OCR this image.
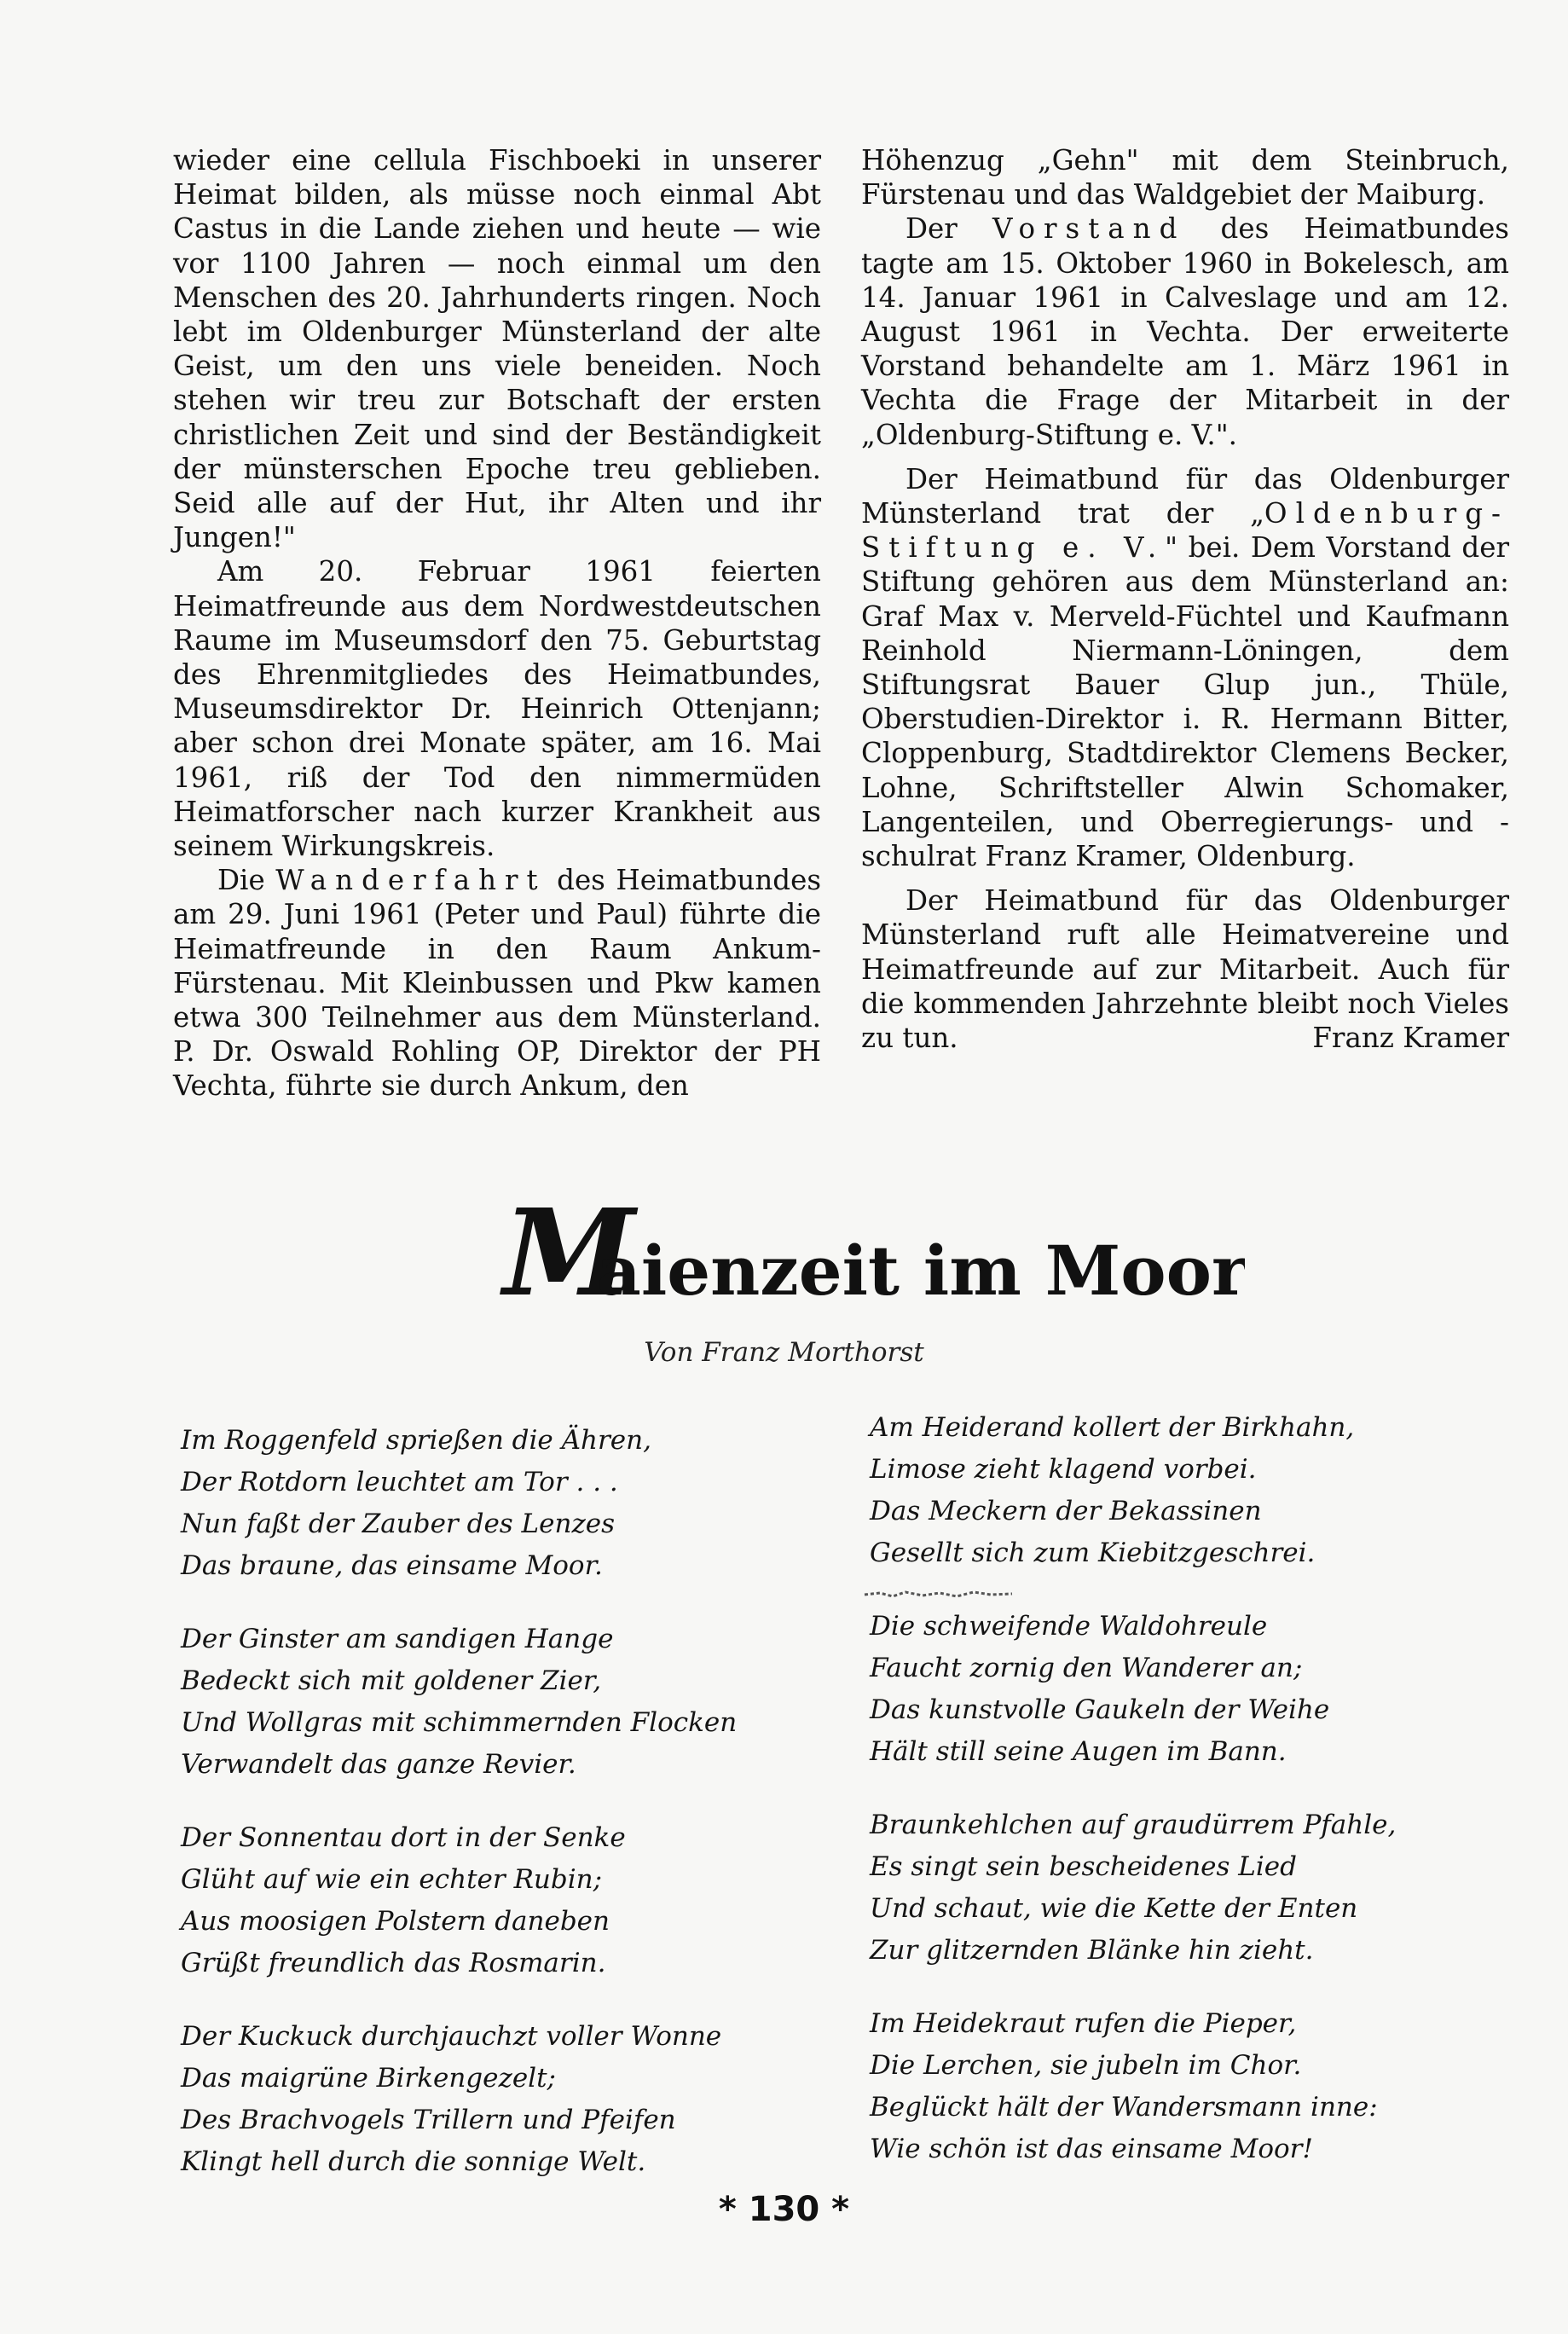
wieder eine cellula Fischboeki in unserer Heimat bilden, als müsse noch einmal Abt Castus in die Lande ziehen und heute — wie vor 1100 Jahren — noch einmal um den Menschen des 20. Jahrhunderts ringen. Noch lebt im Oldenburger Münsterland der alte Geist, um den uns viele beneiden. Noch stehen wir treu zur Botschaft der ersten christlichen Zeit und sind der Beständigkeit der münsterschen Epoche treu geblieben. Seid alle auf der Hut, ihr Alten und ihr Jungen!"

Am 20. Februar 1961 feierten Heimatfreunde aus dem Nordwestdeutschen Raume im Museumsdorf den 75. Geburtstag des Ehrenmitgliedes des Heimatbundes, Museumsdirektor Dr. Heinrich Ottenjann; aber schon drei Monate später, am 16. Mai 1961, riß der Tod den nimmermüden Heimatforscher nach kurzer Krankheit aus seinem Wirkungskreis.

Die Wanderfahrt des Heimatbundes am 29. Juni 1961 (Peter und Paul) führte die Heimatfreunde in den Raum Ankum-Fürstenau. Mit Kleinbussen und Pkw kamen etwa 300 Teilnehmer aus dem Münsterland. P. Dr. Oswald Rohling OP, Direktor der PH Vechta, führte sie durch Ankum, den

Höhenzug „Gehn" mit dem Steinbruch, Fürstenau und das Waldgebiet der Maiburg.

Der Vorstand des Heimatbundes tagte am 15. Oktober 1960 in Bokelesch, am 14. Januar 1961 in Calveslage und am 12. August 1961 in Vechta. Der erweiterte Vorstand behandelte am 1. März 1961 in Vechta die Frage der Mitarbeit in der „Oldenburg-Stiftung e. V.".

Der Heimatbund für das Oldenburger Münsterland trat der „Oldenburg-Stiftung e. V." bei. Dem Vorstand der Stiftung gehören aus dem Münsterland an: Graf Max v. Merveld-Füchtel und Kaufmann Reinhold Niermann-Löningen, dem Stiftungsrat Bauer Glup jun., Thüle, Oberstudien-Direktor i. R. Hermann Bitter, Cloppenburg, Stadtdirektor Clemens Becker, Lohne, Schriftsteller Alwin Schomaker, Langenteilen, und Oberregierungs- und -schulrat Franz Kramer, Oldenburg.

Der Heimatbund für das Oldenburger Münsterland ruft alle Heimatvereine und Heimatfreunde auf zur Mitarbeit. Auch für die kommenden Jahrzehnte bleibt noch Vieles zu tun.	Franz Kramer

M
aienzeit im Moor
Von Franz Morthorst
Im Roggenfeld sprießen die Ähren,
Der Rotdorn leuchtet am Tor . . .
Nun faßt der Zauber des Lenzes
Das braune, das einsame Moor.
Der Ginster am sandigen Hange
Bedeckt sich mit goldener Zier,
Und Wollgras mit schimmernden Flocken
Verwandelt das ganze Revier.
Der Sonnentau dort in der Senke
Glüht auf wie ein echter Rubin;
Aus moosigen Polstern daneben
Grüßt freundlich das Rosmarin.
Der Kuckuck durchjauchzt voller Wonne
Das maigrüne Birkengezelt;
Des Brachvogels Trillern und Pfeifen
Klingt hell durch die sonnige Welt.
Am Heiderand kollert der Birkhahn,
Limose zieht klagend vorbei.
Das Meckern der Bekassinen
Gesellt sich zum Kiebitzgeschrei.
Die schweifende Waldohreule
Faucht zornig den Wanderer an;
Das kunstvolle Gaukeln der Weihe
Hält still seine Augen im Bann.
Braunkehlchen auf graudürrem Pfahle,
Es singt sein bescheidenes Lied
Und schaut, wie die Kette der Enten
Zur glitzernden Blänke hin zieht.
Im Heidekraut rufen die Pieper,
Die Lerchen, sie jubeln im Chor.
Beglückt hält der Wandersmann inne:
Wie schön ist das einsame Moor!
* 130 *
